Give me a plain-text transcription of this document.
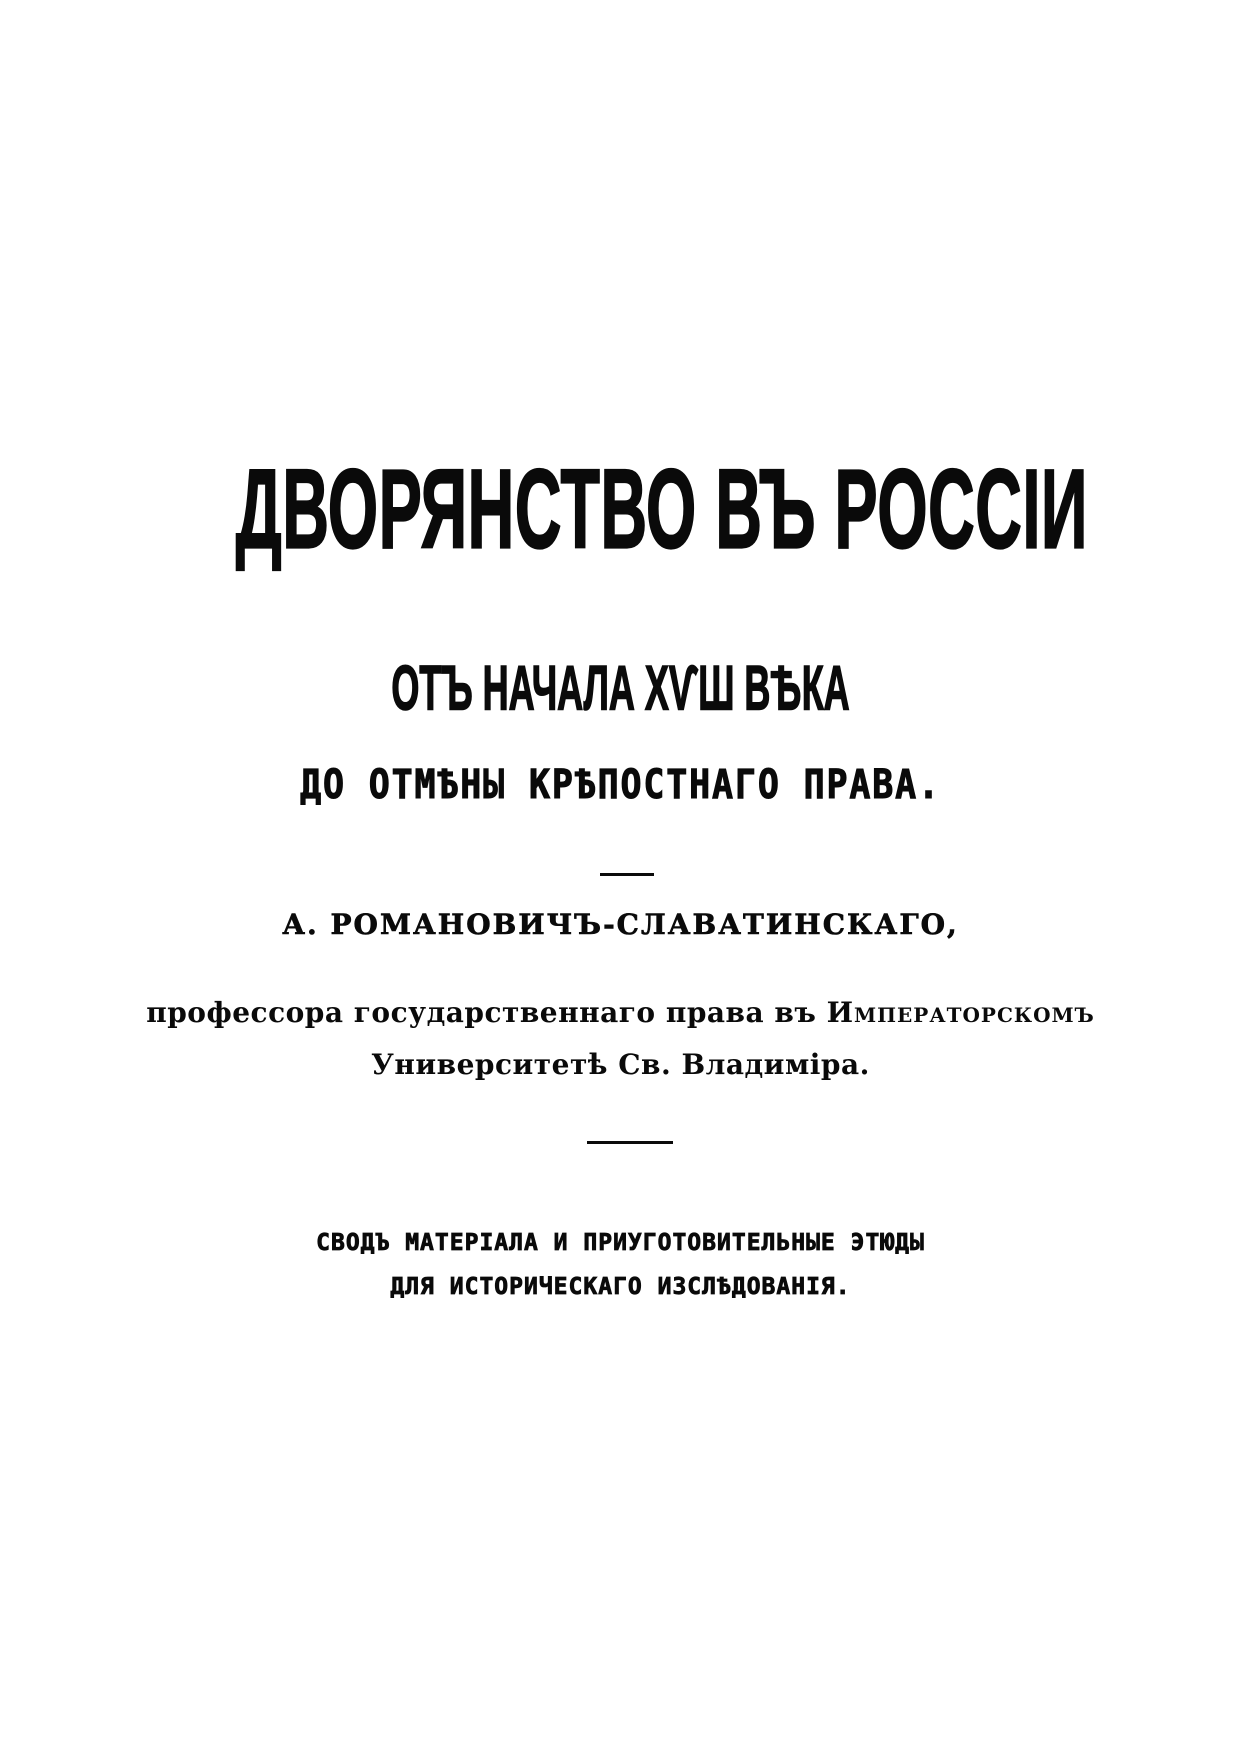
ДВОРЯНСТВО ВЪ РОССІИ
ОТЪ НАЧАЛА ХѴШ ВѢКА
ДО ОТМѢНЫ КРѢПОСТНАГО ПРАВА.
А. РОМАНОВИЧЪ-СЛАВАТИНСКАГО,
профессора государственнаго права въ Императорскомъ
Университетѣ Св. Владиміра.
СВОДЪ МАТЕРІАЛА И ПРИУГОТОВИТЕЛЬНЫЕ ЭТЮДЫ
ДЛЯ ИСТОРИЧЕСКАГО ИЗСЛѢДОВАНІЯ.
